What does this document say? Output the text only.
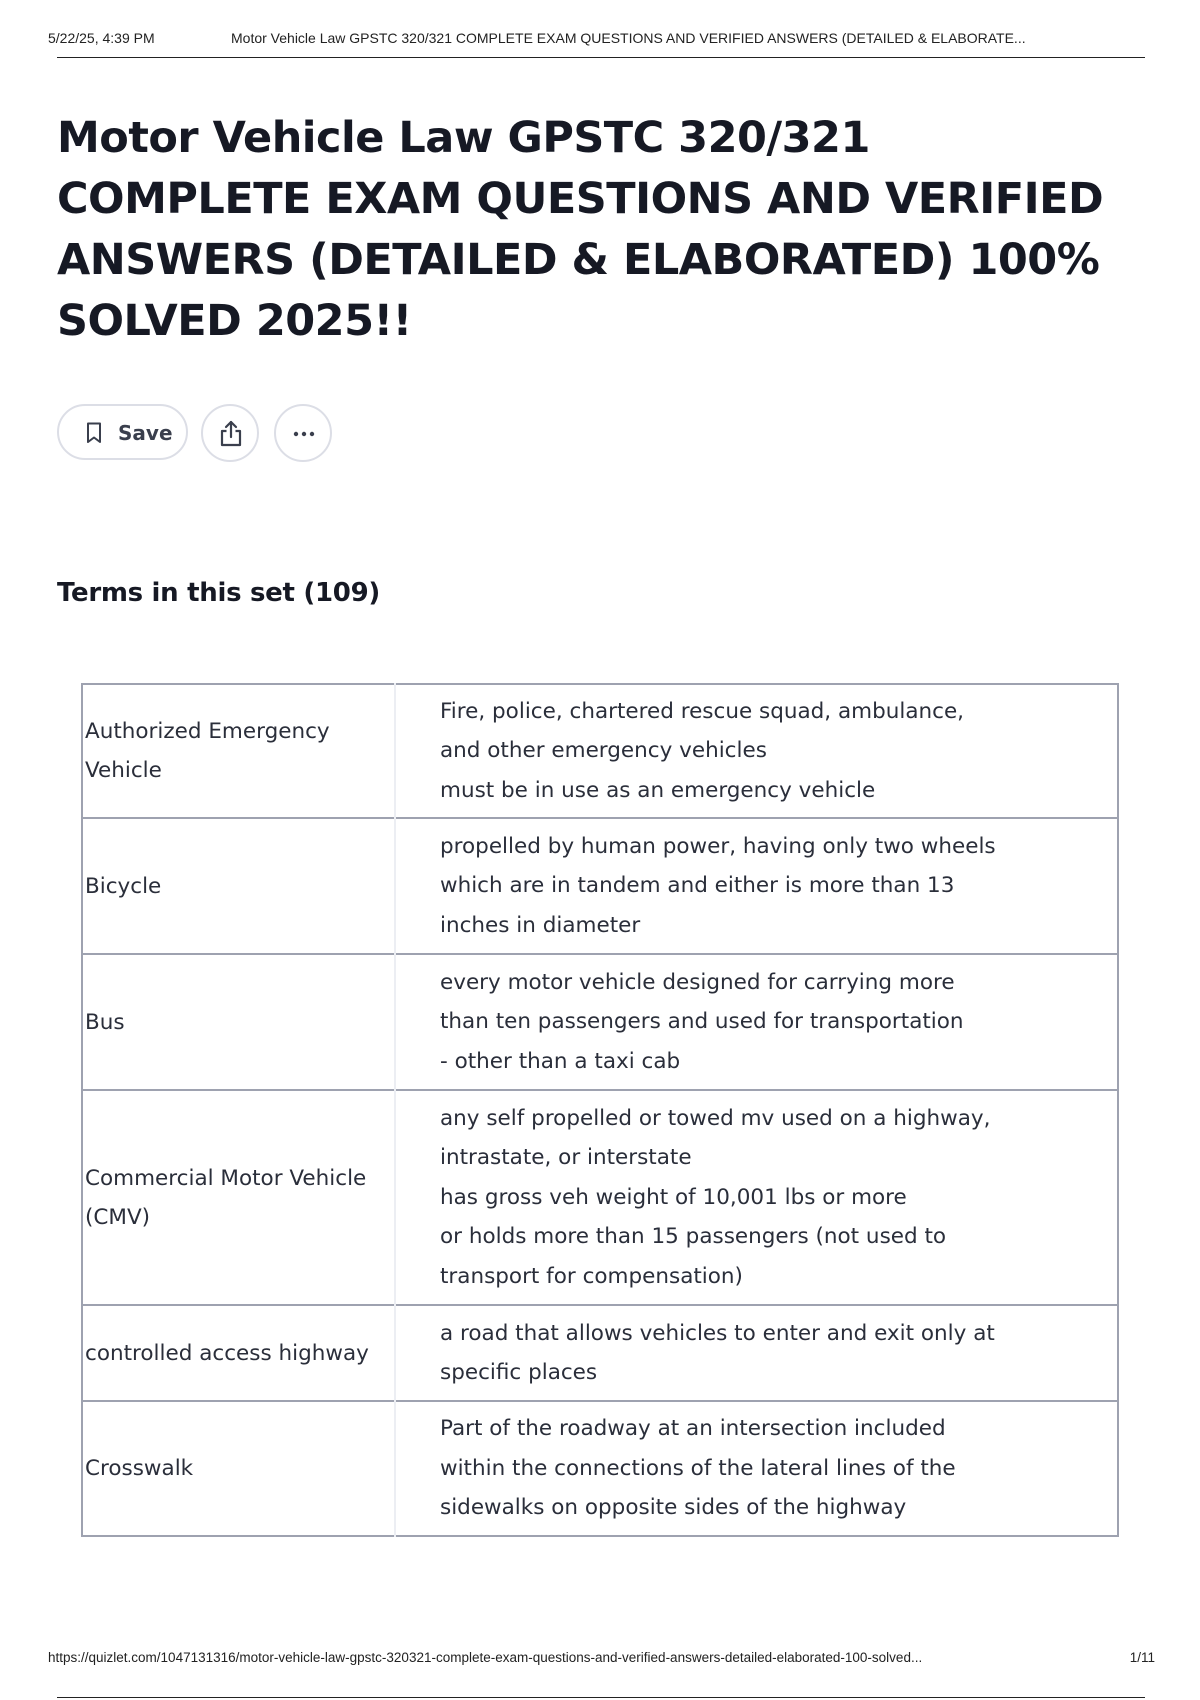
5/22/25, 4:39 PM	Motor Vehicle Law GPSTC 320/321 COMPLETE EXAM QUESTIONS AND VERIFIED ANSWERS (DETAILED & ELABORATE...
Motor Vehicle Law GPSTC 320/321 COMPLETE EXAM QUESTIONS AND VERIFIED ANSWERS (DETAILED & ELABORATED) 100% SOLVED 2025!!
Save
Terms in this set (109)
Authorized Emergency Vehicle	Fire, police, chartered rescue squad, ambulance,
and other emergency vehicles
must be in use as an emergency vehicle
Bicycle	propelled by human power, having only two wheels
which are in tandem and either is more than 13
inches in diameter
Bus	every motor vehicle designed for carrying more
than ten passengers and used for transportation
- other than a taxi cab
Commercial Motor Vehicle (CMV)	any self propelled or towed mv used on a highway,
intrastate, or interstate
has gross veh weight of 10,001 lbs or more
or holds more than 15 passengers (not used to
transport for compensation)
controlled access highway	a road that allows vehicles to enter and exit only at
specific places
Crosswalk	Part of the roadway at an intersection included
within the connections of the lateral lines of the
sidewalks on opposite sides of the highway
https://quizlet.com/1047131316/motor-vehicle-law-gpstc-320321-complete-exam-questions-and-verified-answers-detailed-elaborated-100-solved...	1/11
